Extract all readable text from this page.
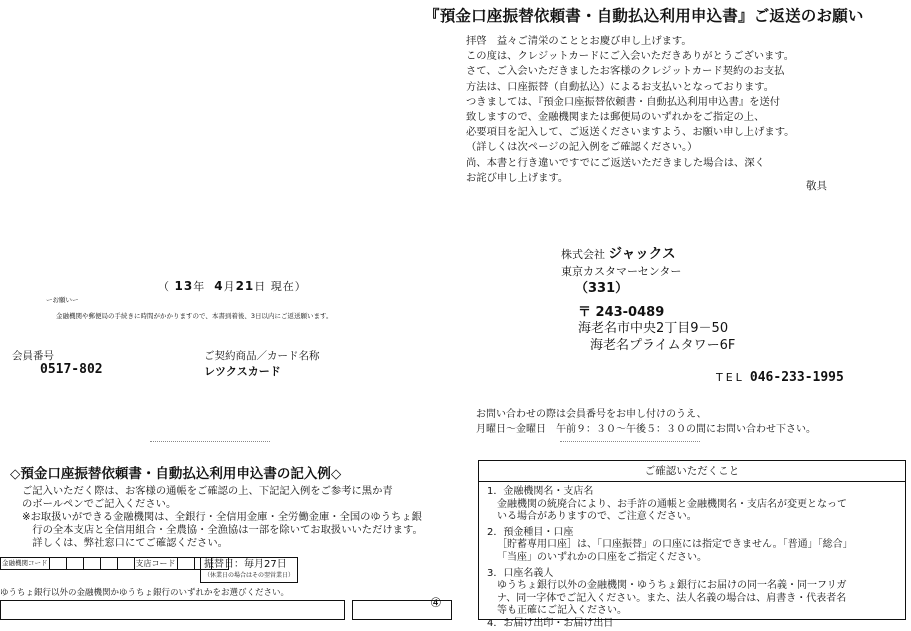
『預金口座振替依頼書・自動払込利用申込書』ご返送のお願い
拝啓　益々ご清栄のこととお慶び申し上げます。
この度は、クレジットカードにご入会いただきありがとうございます。
さて、ご入会いただきましたお客様のクレジットカード契約のお支払
方法は、口座振替（自動払込）によるお支払いとなっております。
つきましては、『預金口座振替依頼書・自動払込利用申込書』を送付
致しますので、金融機関または郵便局のいずれかをご指定の上、
必要項目を記入して、ご返送くださいますよう、お願い申し上げます。
（詳しくは次ページの記入例をご確認ください。）
尚、本書と行き違いですでにご返送いただきました場合は、深く
お詫び申し上げます。
敬具
株式会社 ジャックス
東京カスタマーセンター
（331）
（ 13年 4月21日 現在）
ーお願いー
金融機関や郵便局の手続きに時間がかかりますので、本書到着後、3日以内にご返送願います。	〒 243-0489
海老名市中央2丁目9－50
海老名プライムタワー6F
会員番号
0517-802
ご契約商品／カード名称
レツクスカード	TEL 046-233-1995
お問い合わせの際は会員番号をお申し付けのうえ、
月曜日～金曜日　午前９：３０～午後５：３０の間にお問い合わせ下さい。
◇預金口座振替依頼書・自動払込利用申込書の記入例◇
ご記入いただく際は、お客様の通帳をご確認の上、下記記入例をご参考に黒か青
のボールペンでご記入ください。
※お取扱いができる金融機関は、全銀行・全信用金庫・全労働金庫・全国のゆうちょ銀
　行の全本支店と全信用組合・全農協・全漁協は一部を除いてお取扱いいただけます。
　詳しくは、弊社窓口にてご確認ください。
ご確認いただくこと
1．金融機関名・支店名
金融機関の統廃合により、お手許の通帳と金融機関名・支店名が変更となって
いる場合がありますので、ご注意ください。
2．預金種目・口座
［貯蓄専用口座］は、「口座振替」の口座には指定できません。「普通」「総合」
「当座」のいずれかの口座をご指定ください。
3．口座名義人
ゆうちょ銀行以外の金融機関・ゆうちょ銀行にお届けの同一名義・同一フリガ
ナ、同一字体でご記入ください。また、法人名義の場合は、肩書き・代表者名
等も正確にご記入ください。
4．お届け出印・お届け出日
金融機関コード						支店コード				振替日：毎月27日
（休業日の場合はその翌営業日）
ゆうちょ銀行以外の金融機関かゆうちょ銀行のいずれかをお選びください。
④
